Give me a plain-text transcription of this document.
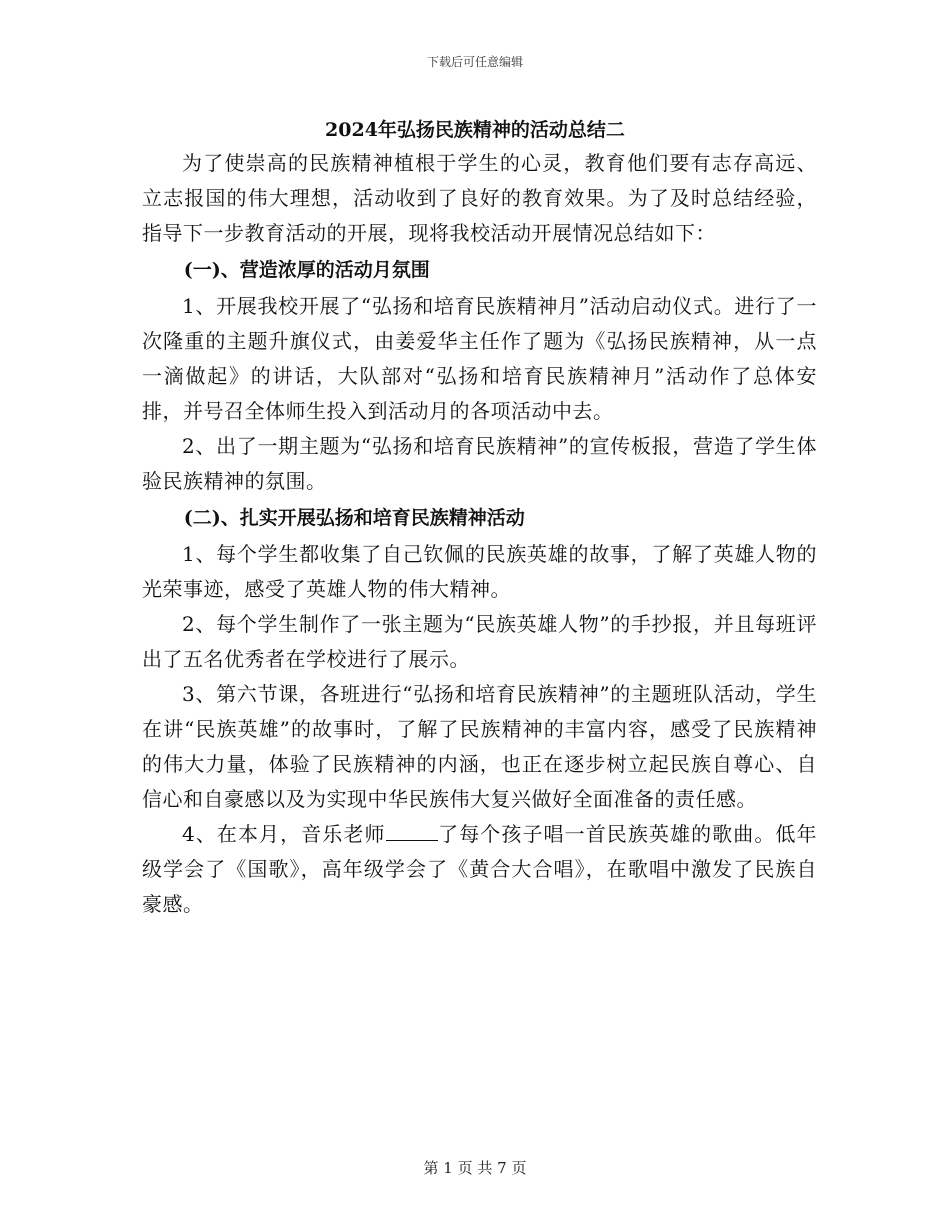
下载后可任意编辑
2024年弘扬民族精神的活动总结二

为了使崇高的民族精神植根于学生的心灵，教育他们要有志存高远、立志报国的伟大理想，活动收到了良好的教育效果。为了及时总结经验，指导下一步教育活动的开展，现将我校活动开展情况总结如下：

(一)、营造浓厚的活动月氛围

1、开展我校开展了“弘扬和培育民族精神月”活动启动仪式。进行了一次隆重的主题升旗仪式，由姜爱华主任作了题为《弘扬民族精神，从一点一滴做起》的讲话，大队部对“弘扬和培育民族精神月”活动作了总体安排，并号召全体师生投入到活动月的各项活动中去。

2、出了一期主题为“弘扬和培育民族精神”的宣传板报，营造了学生体验民族精神的氛围。

(二)、扎实开展弘扬和培育民族精神活动

1、每个学生都收集了自己钦佩的民族英雄的故事，了解了英雄人物的光荣事迹，感受了英雄人物的伟大精神。

2、每个学生制作了一张主题为“民族英雄人物”的手抄报，并且每班评出了五名优秀者在学校进行了展示。

3、第六节课，各班进行“弘扬和培育民族精神”的主题班队活动，学生在讲“民族英雄”的故事时，了解了民族精神的丰富内容，感受了民族精神的伟大力量，体验了民族精神的内涵，也正在逐步树立起民族自尊心、自信心和自豪感以及为实现中华民族伟大复兴做好全面准备的责任感。

4、在本月，音乐老师	了每个孩子唱一首民族英雄的歌曲。低年级学会了《国歌》，高年级学会了《黄合大合唱》，在歌唱中激发了民族自豪感。

第 1 页 共 7 页
